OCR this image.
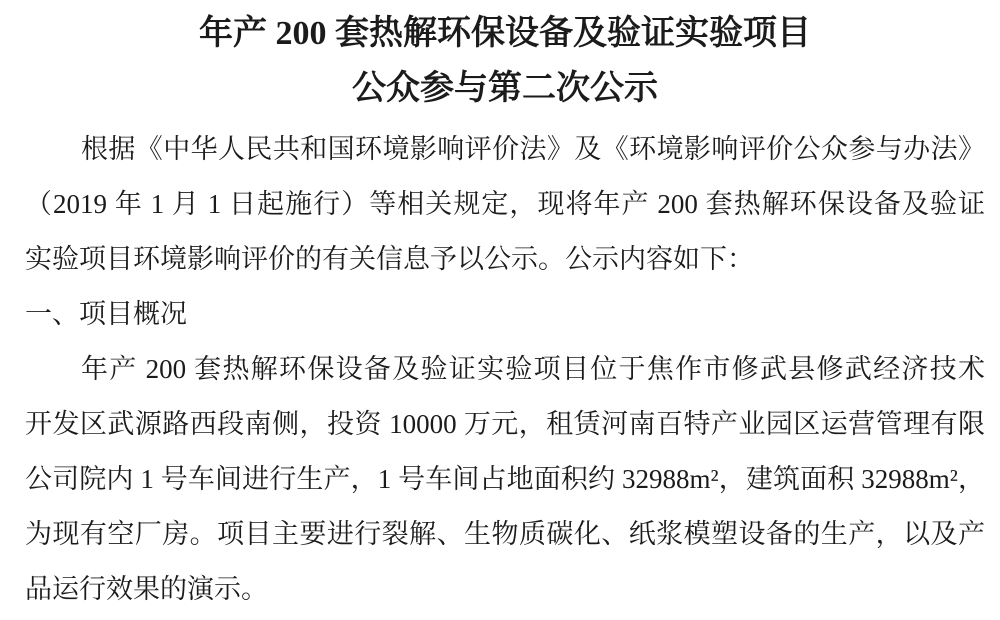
年产 200 套热解环保设备及验证实验项目
公众参与第二次公示
根据《中华人民共和国环境影响评价法》及《环境影响评价公众参与办法》
（2019 年 1 月 1 日起施行）等相关规定，现将年产 200 套热解环保设备及验证
实验项目环境影响评价的有关信息予以公示。公示内容如下：
一、项目概况
年产 200 套热解环保设备及验证实验项目位于焦作市修武县修武经济技术
开发区武源路西段南侧，投资 10000 万元，租赁河南百特产业园区运营管理有限
公司院内 1 号车间进行生产，1 号车间占地面积约 32988m²，建筑面积 32988m²，
为现有空厂房。项目主要进行裂解、生物质碳化、纸浆模塑设备的生产，以及产
品运行效果的演示。
